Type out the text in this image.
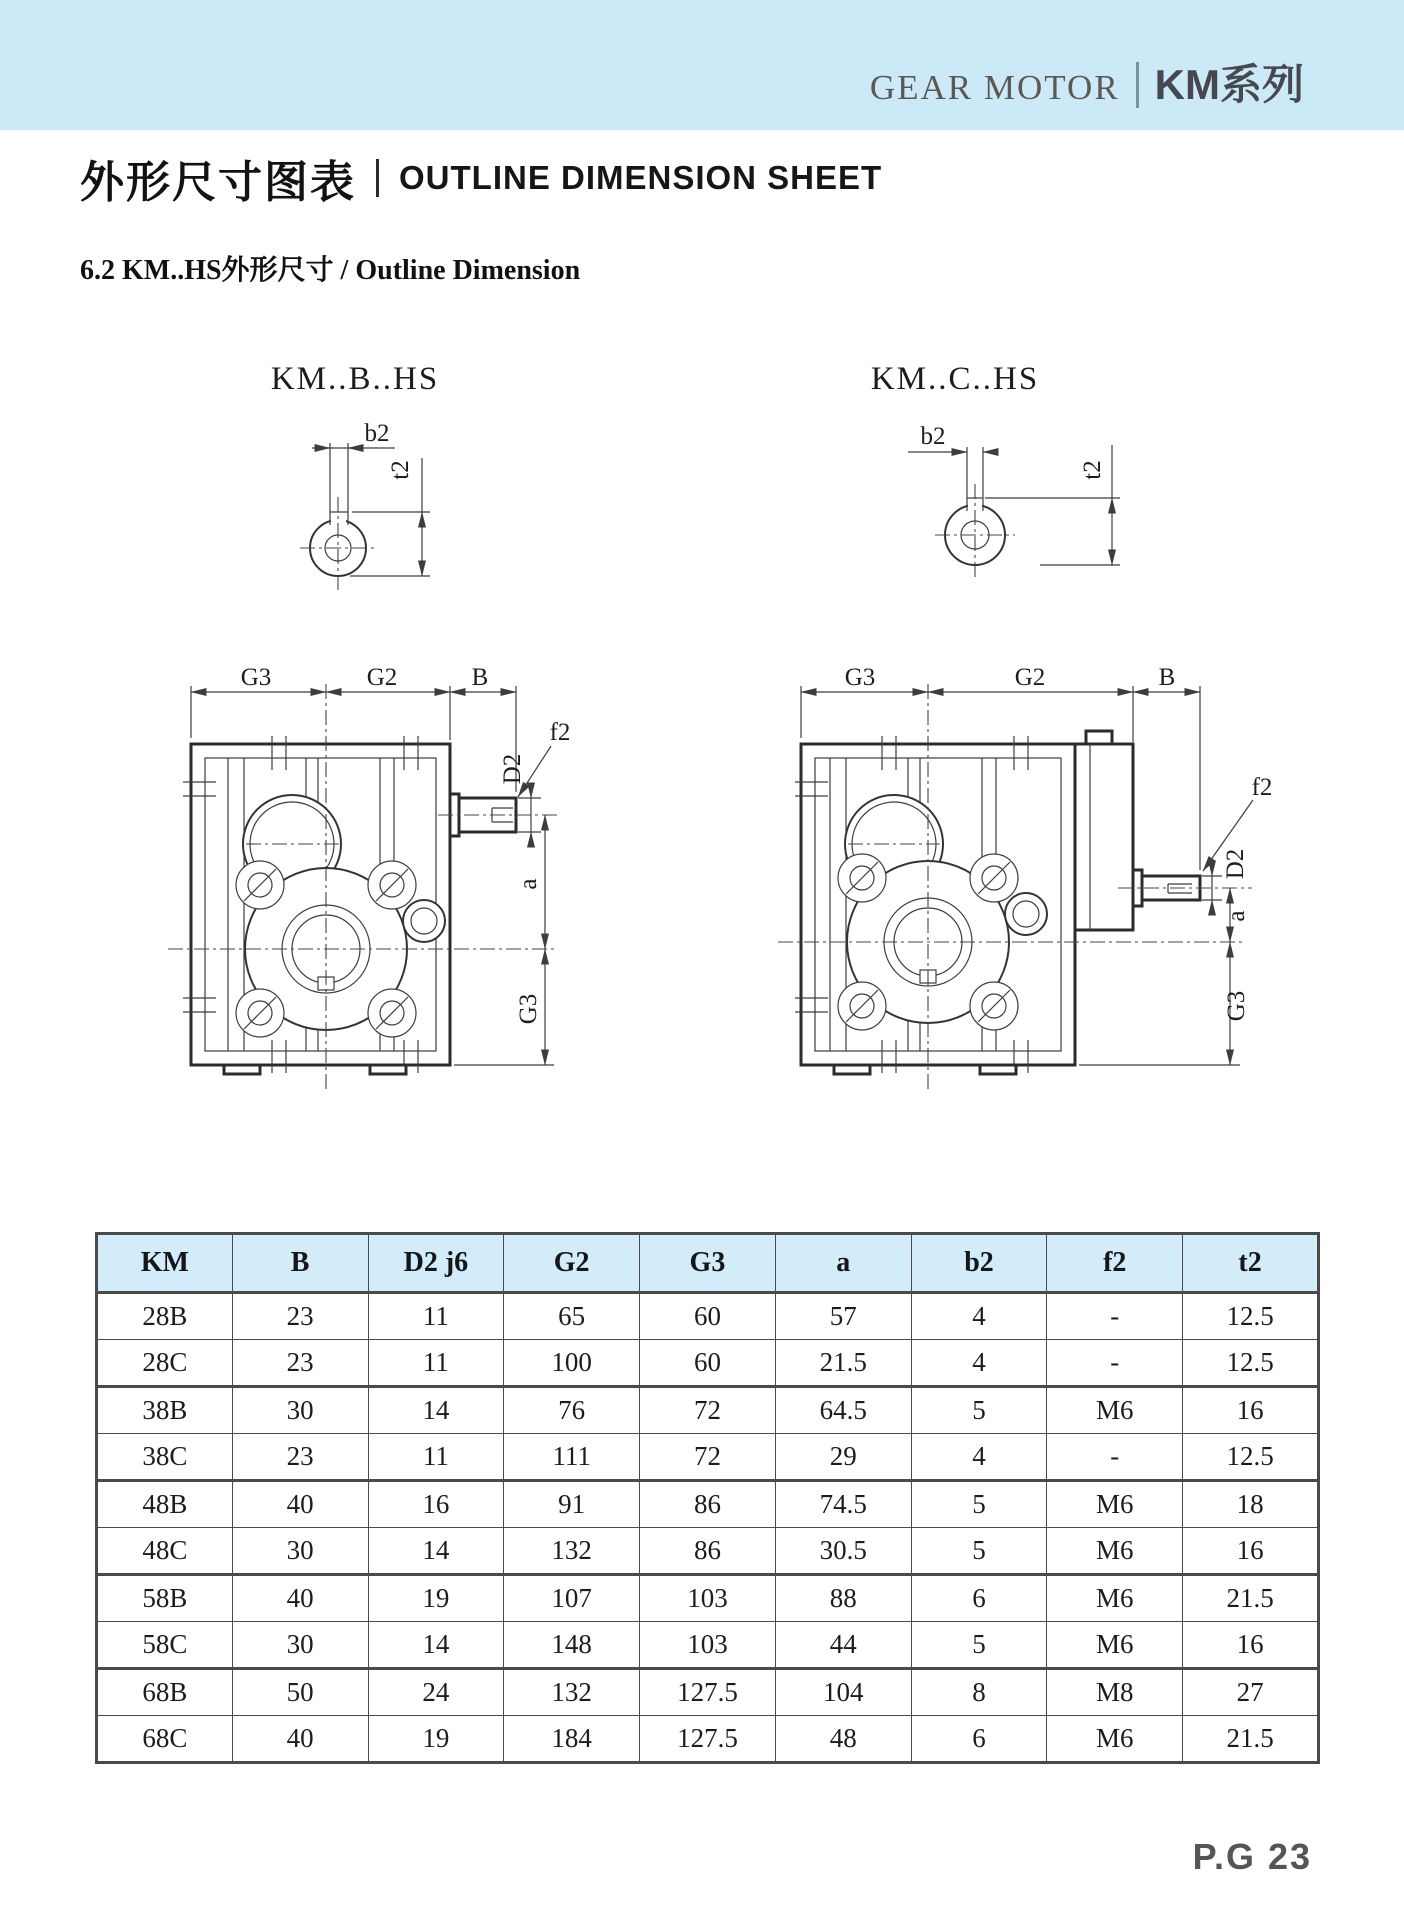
GEAR MOTOR KM系列
外形尺寸图表 OUTLINE DIMENSION SHEET
6.2 KM..HS外形尺寸 / Outline Dimension
KM..B..HS
b2
t2
G3	G2	B
D2
f2
a
G3
KM..C..HS
b2
t2
G3	G2	B
f2
D2
a
G3
KM	B	D2 j6	G2	G3	a	b2	f2	t2
28B	23	11	65	60	57	4	-	12.5
28C	23	11	100	60	21.5	4	-	12.5
38B	30	14	76	72	64.5	5	M6	16
38C	23	11	111	72	29	4	-	12.5
48B	40	16	91	86	74.5	5	M6	18
48C	30	14	132	86	30.5	5	M6	16
58B	40	19	107	103	88	6	M6	21.5
58C	30	14	148	103	44	5	M6	16
68B	50	24	132	127.5	104	8	M8	27
68C	40	19	184	127.5	48	6	M6	21.5
P.G 23
